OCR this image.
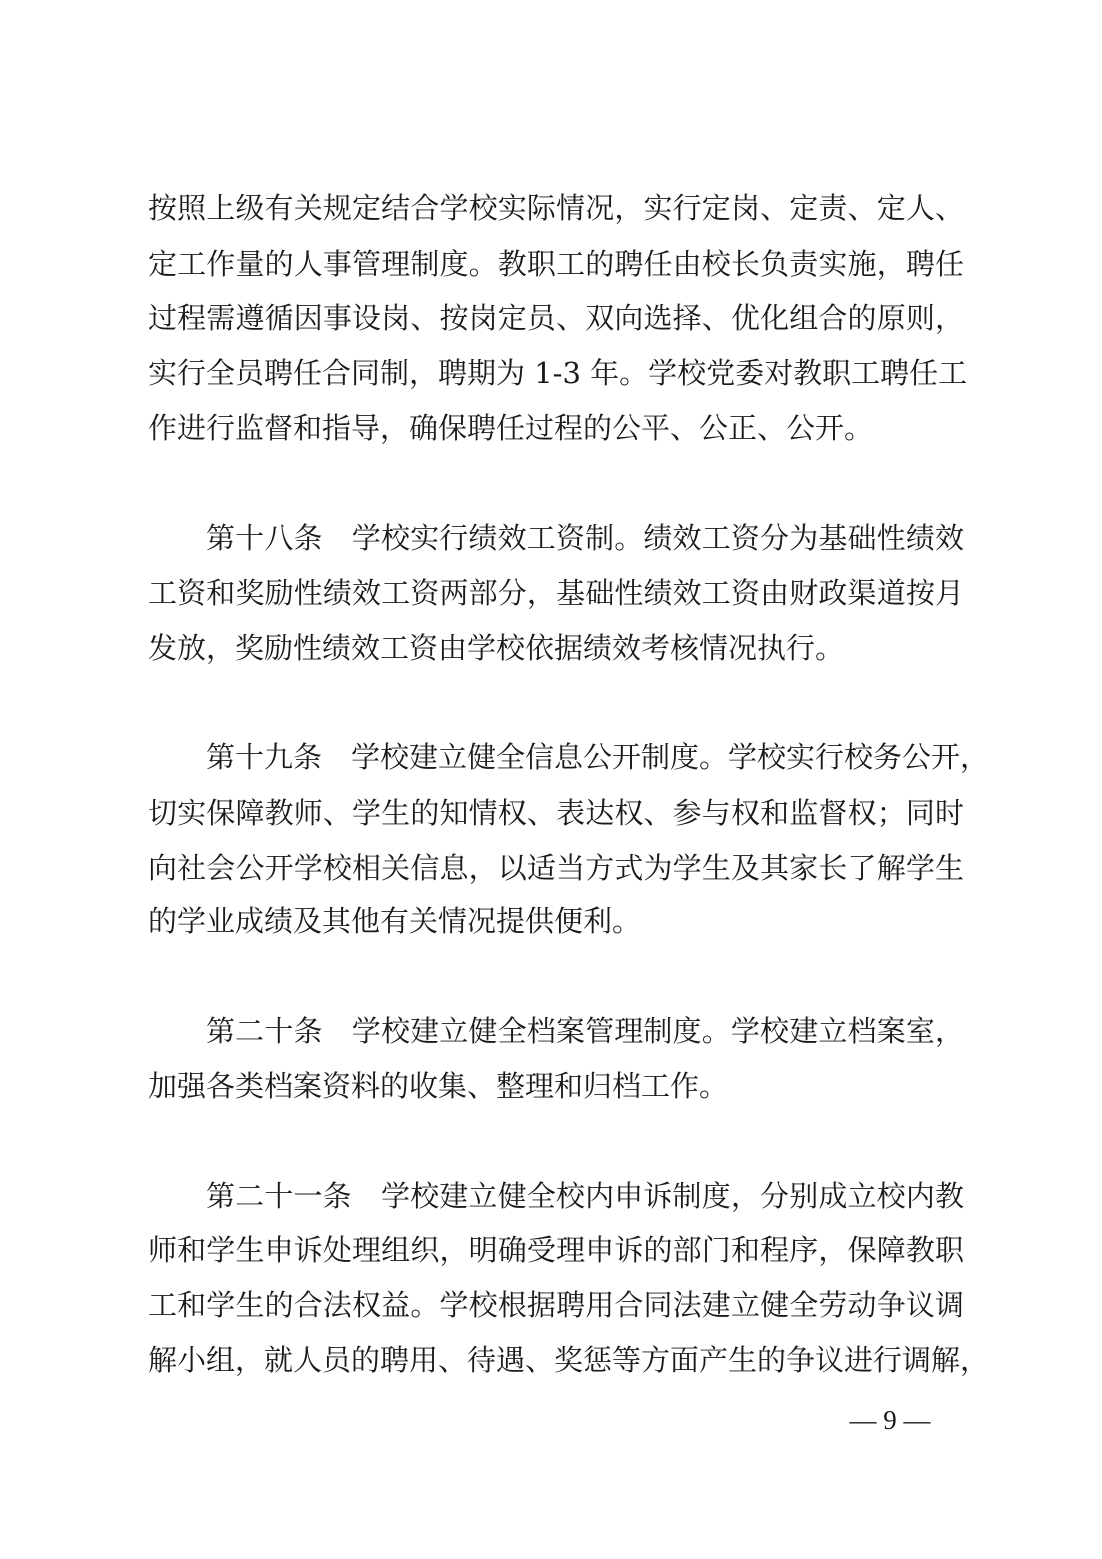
按照上级有关规定结合学校实际情况，实行定岗、定责、定人、
定工作量的人事管理制度。教职工的聘任由校长负责实施，聘任
过程需遵循因事设岗、按岗定员、双向选择、优化组合的原则，
实行全员聘任合同制，聘期为 1-3 年。学校党委对教职工聘任工
作进行监督和指导，确保聘任过程的公平、公正、公开。
第十八条　学校实行绩效工资制。绩效工资分为基础性绩效
工资和奖励性绩效工资两部分，基础性绩效工资由财政渠道按月
发放，奖励性绩效工资由学校依据绩效考核情况执行。
第十九条　学校建立健全信息公开制度。学校实行校务公开，
切实保障教师、学生的知情权、表达权、参与权和监督权；同时
向社会公开学校相关信息，以适当方式为学生及其家长了解学生
的学业成绩及其他有关情况提供便利。
第二十条　学校建立健全档案管理制度。学校建立档案室，
加强各类档案资料的收集、整理和归档工作。
第二十一条　学校建立健全校内申诉制度，分别成立校内教
师和学生申诉处理组织，明确受理申诉的部门和程序，保障教职
工和学生的合法权益。学校根据聘用合同法建立健全劳动争议调
解小组，就人员的聘用、待遇、奖惩等方面产生的争议进行调解，
— 9 —
